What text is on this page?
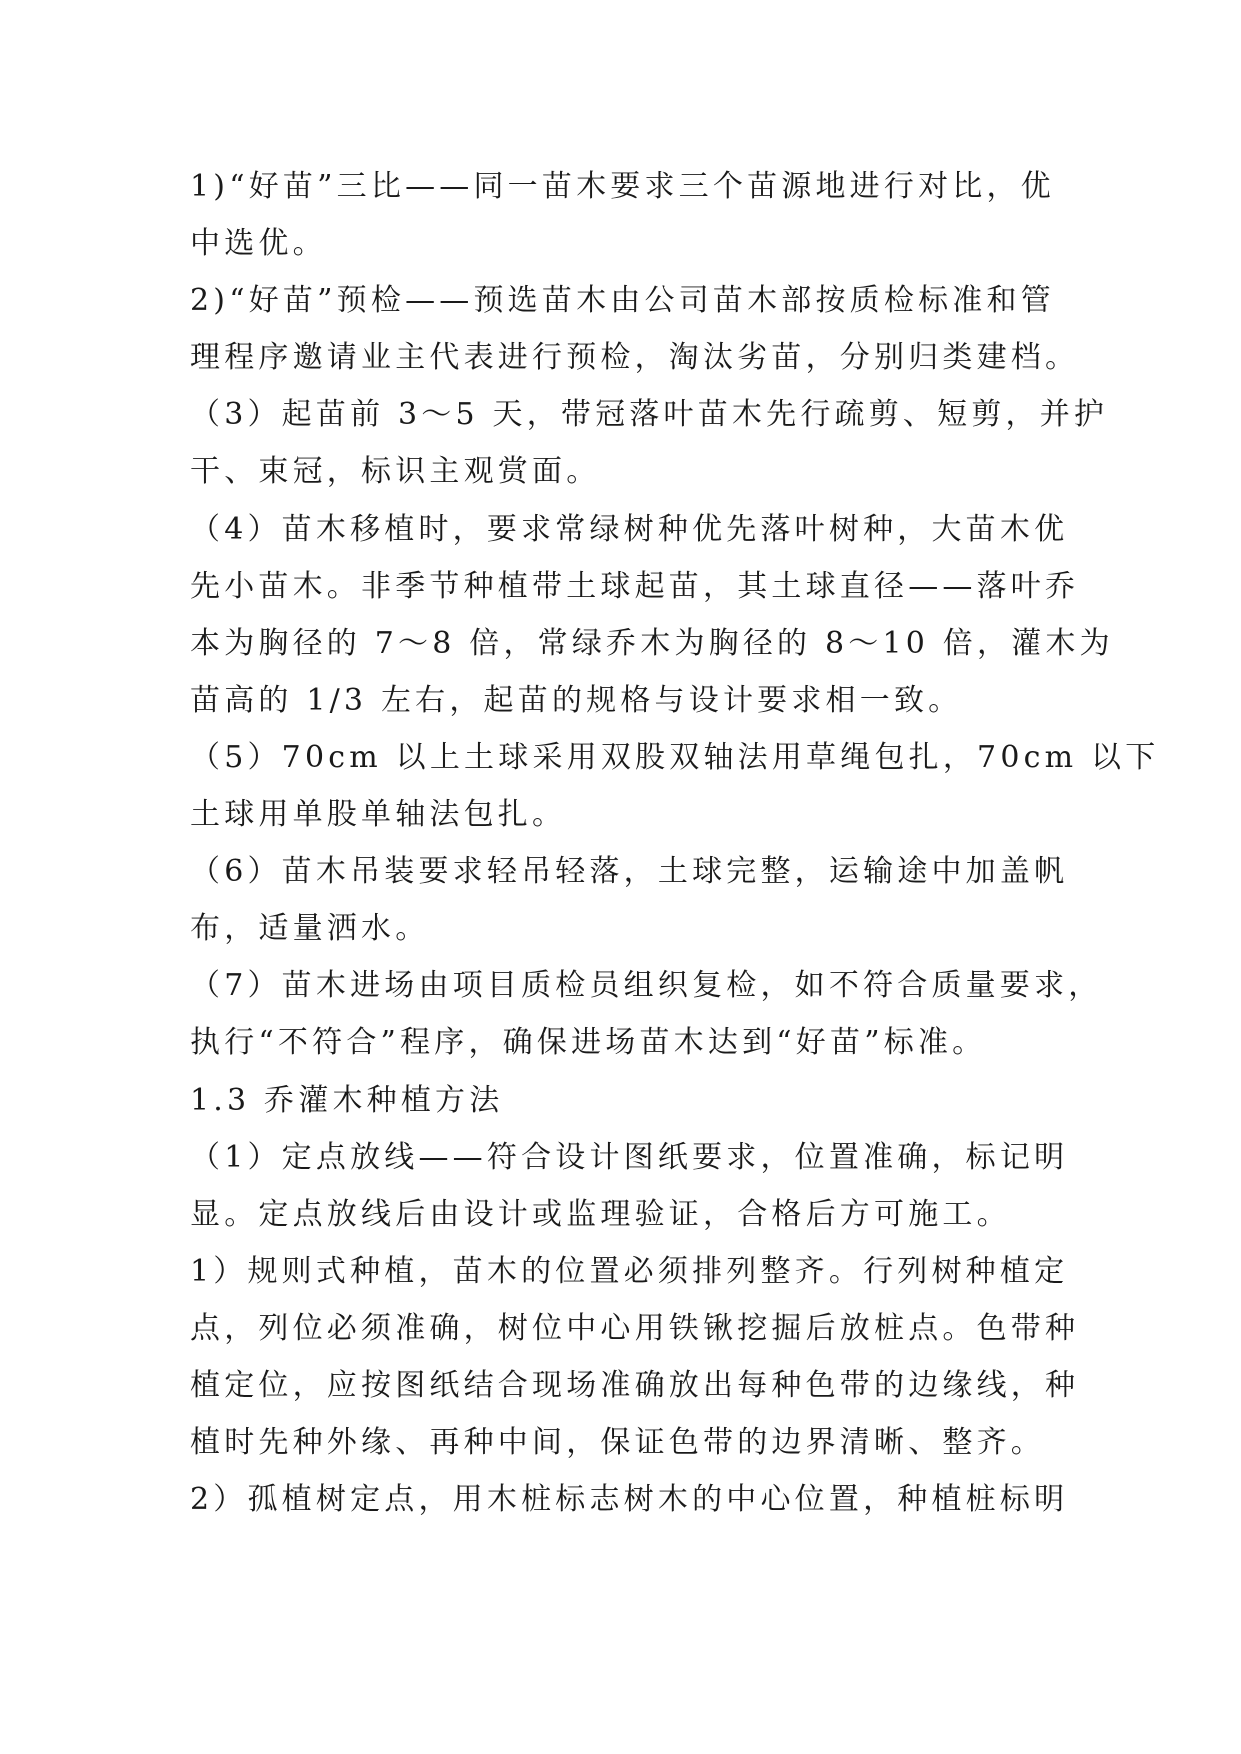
1)“好苗”三比——同一苗木要求三个苗源地进行对比，优

中选优。

2)“好苗”预检——预选苗木由公司苗木部按质检标准和管

理程序邀请业主代表进行预检，淘汰劣苗，分别归类建档。

（3）起苗前 3～5 天，带冠落叶苗木先行疏剪、短剪，并护

干、束冠，标识主观赏面。

（4）苗木移植时，要求常绿树种优先落叶树种，大苗木优

先小苗木。非季节种植带土球起苗，其土球直径——落叶乔

本为胸径的 7～8 倍，常绿乔木为胸径的 8～10 倍，灌木为

苗高的 1/3 左右，起苗的规格与设计要求相一致。

（5）70cm 以上土球采用双股双轴法用草绳包扎，70cm 以下

土球用单股单轴法包扎。

（6）苗木吊装要求轻吊轻落，土球完整，运输途中加盖帆

布，适量洒水。

（7）苗木进场由项目质检员组织复检，如不符合质量要求，

执行“不符合”程序，确保进场苗木达到“好苗”标准。

1.3 乔灌木种植方法

（1）定点放线——符合设计图纸要求，位置准确，标记明

显。定点放线后由设计或监理验证，合格后方可施工。

1）规则式种植，苗木的位置必须排列整齐。行列树种植定

点，列位必须准确，树位中心用铁锹挖掘后放桩点。色带种

植定位，应按图纸结合现场准确放出每种色带的边缘线，种

植时先种外缘、再种中间，保证色带的边界清晰、整齐。

2）孤植树定点，用木桩标志树木的中心位置，种植桩标明
